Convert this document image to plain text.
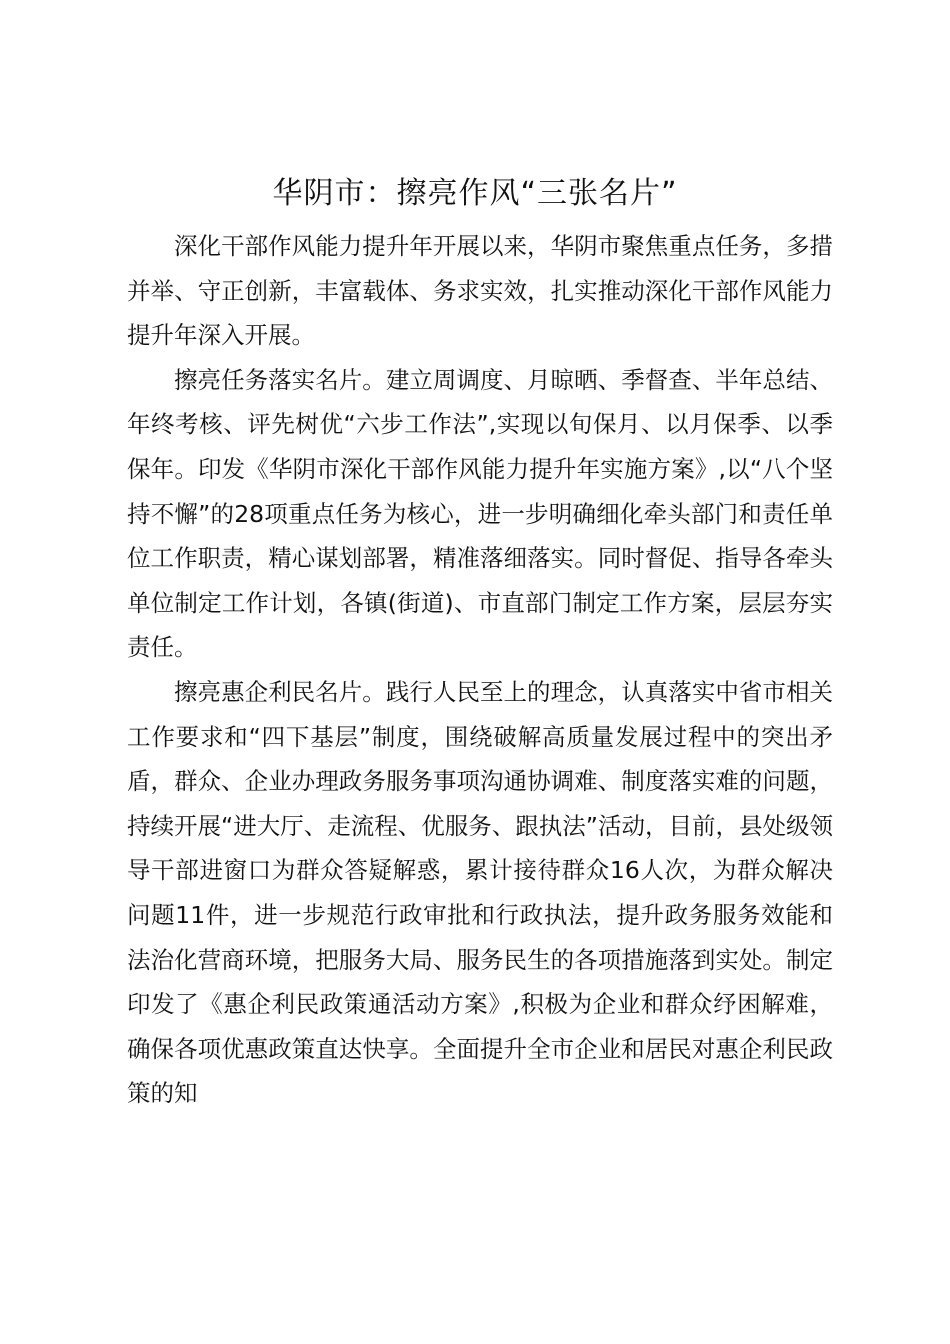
华阴市：擦亮作风“三张名片”

深化干部作风能力提升年开展以来，华阴市聚焦重点任务，多措并举、守正创新，丰富载体、务求实效，扎实推动深化干部作风能力提升年深入开展。

擦亮任务落实名片。建立周调度、月晾晒、季督查、半年总结、年终考核、评先树优“六步工作法”,实现以旬保月、以月保季、以季保年。印发《华阴市深化干部作风能力提升年实施方案》,以“八个坚持不懈”的28项重点任务为核心，进一步明确细化牵头部门和责任单位工作职责，精心谋划部署，精准落细落实。同时督促、指导各牵头单位制定工作计划，各镇(街道)、市直部门制定工作方案，层层夯实责任。

擦亮惠企利民名片。践行人民至上的理念，认真落实中省市相关工作要求和“四下基层”制度，围绕破解高质量发展过程中的突出矛盾，群众、企业办理政务服务事项沟通协调难、制度落实难的问题，持续开展“进大厅、走流程、优服务、跟执法”活动，目前，县处级领导干部进窗口为群众答疑解惑，累计接待群众16人次，为群众解决问题11件，进一步规范行政审批和行政执法，提升政务服务效能和法治化营商环境，把服务大局、服务民生的各项措施落到实处。制定印发了《惠企利民政策通活动方案》,积极为企业和群众纾困解难，确保各项优惠政策直达快享。全面提升全市企业和居民对惠企利民政策的知
